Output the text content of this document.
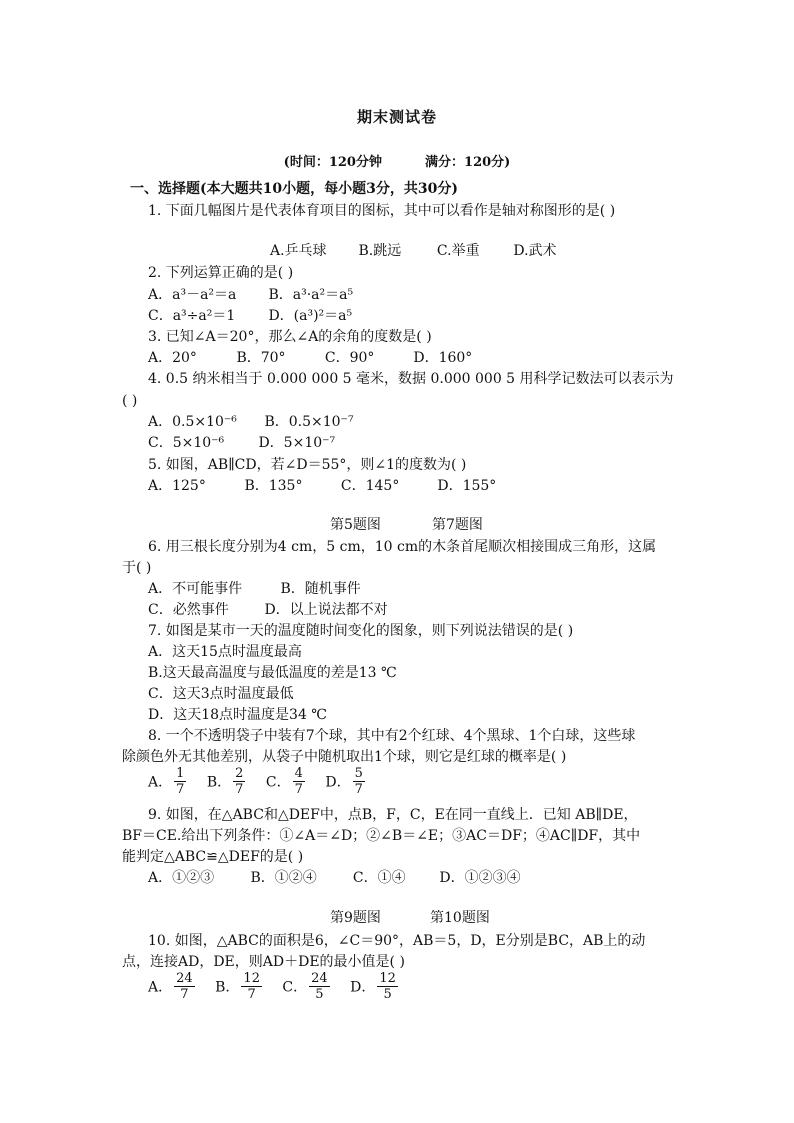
期末测试卷
(时间：120分钟	满分：120分)
一、选择题(本大题共10小题，每小题3分，共30分)
1. 下面几幅图片是代表体育项目的图标，其中可以看作是轴对称图形的是( )
A.乒乓球 B.跳远	C.举重 D.武术
2. 下列运算正确的是( )
A．a³－a²＝a B．a³·a²＝a⁵
C．a³÷a²＝1 D．(a³)²＝a⁵
3. 已知∠A＝20°，那么∠A的余角的度数是( )
A．20°	B．70°	C．90°	D．160°
4. 0.5 纳米相当于 0.000 000 5 毫米，数据 0.000 000 5 用科学记数法可以表示为
( )
A．0.5×10⁻⁶ B．0.5×10⁻⁷
C．5×10⁻⁶ D．5×10⁻⁷
5. 如图，AB∥CD，若∠D＝55°，则∠1的度数为( )
A．125°	B．135°	C．145°	D．155°
第5题图	第7题图
6. 用三根长度分别为4 cm，5 cm，10 cm的木条首尾顺次相接围成三角形，这属
于( )
A．不可能事件	B．随机事件
C．必然事件	D．以上说法都不对
7. 如图是某市一天的温度随时间变化的图象，则下列说法错误的是( )
A．这天15点时温度最高
B.这天最高温度与最低温度的差是13 ℃
C．这天3点时温度最低
D．这天18点时温度是34 ℃
8. 一个不透明袋子中装有7个球，其中有2个红球、4个黑球、1个白球，这些球
除颜色外无其他差别，从袋子中随机取出1个球，则它是红球的概率是( )
A． $\frac{1}{7}$ B． $\frac{2}{7}$ C． $\frac{4}{7}$ D． $\frac{5}{7}$
9. 如图，在△ABC和△DEF中，点B，F，C，E在同一直线上．已知 AB∥DE，
BF＝CE.给出下列条件：①∠A＝∠D；②∠B＝∠E；③AC＝DF；④AC∥DF，其中
能判定△ABC≌△DEF的是( )
A．①②③	B．①②④	C．①④ D．①②③④
第9题图	第10题图
10. 如图，△ABC的面积是6，∠C＝90°，AB＝5，D，E分别是BC，AB上的动
点，连接AD，DE，则AD＋DE的最小值是( )
A． $\frac{24}{7}$ B． $\frac{12}{7}$ C． $\frac{24}{5}$ D． $\frac{12}{5}$
